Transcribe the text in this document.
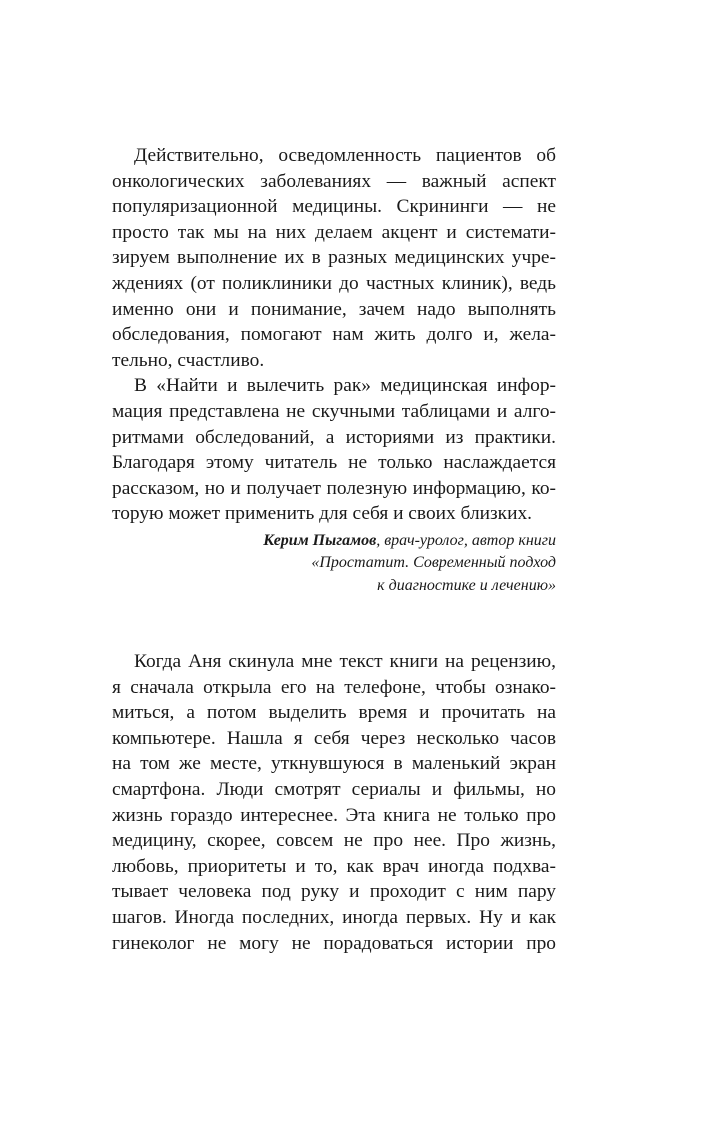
Действительно, осведомленность пациентов об
онкологических заболеваниях — важный аспект
популяризационной медицины. Скрининги — не
просто так мы на них делаем акцент и системати-
зируем выполнение их в разных медицинских учре-
ждениях (от поликлиники до частных клиник), ведь
именно они и понимание, зачем надо выполнять
обследования, помогают нам жить долго и, жела-
тельно, счастливо.
В «Найти и вылечить рак» медицинская инфор-
мация представлена не скучными таблицами и алго-
ритмами обследований, а историями из практики.
Благодаря этому читатель не только наслаждается
рассказом, но и получает полезную информацию, ко-
торую может применить для себя и своих близких.
Керим Пыгамов, врач-уролог, автор книги
«Простатит. Современный подход
к диагностике и лечению»
Когда Аня скинула мне текст книги на рецензию,
я сначала открыла его на телефоне, чтобы ознако-
миться, а потом выделить время и прочитать на
компьютере. Нашла я себя через несколько часов
на том же месте, уткнувшуюся в маленький экран
смартфона. Люди смотрят сериалы и фильмы, но
жизнь гораздо интереснее. Эта книга не только про
медицину, скорее, совсем не про нее. Про жизнь,
любовь, приоритеты и то, как врач иногда подхва-
тывает человека под руку и проходит с ним пару
шагов. Иногда последних, иногда первых. Ну и как
гинеколог не могу не порадоваться истории про
